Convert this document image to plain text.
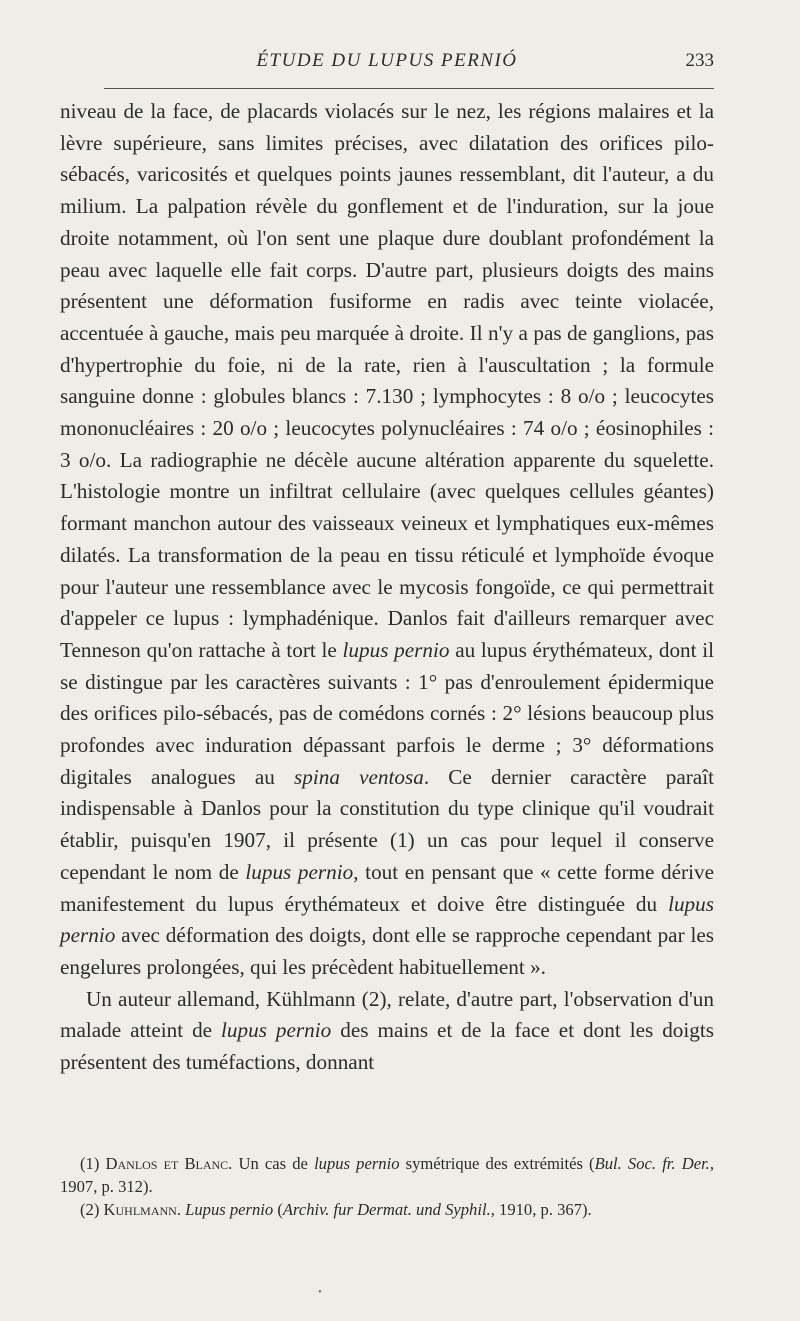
ÉTUDE DU LUPUS PERNIÓ	233

niveau de la face, de placards violacés sur le nez, les régions malaires et la lèvre supérieure, sans limites précises, avec dilatation des orifices pilo-sébacés, varicosités et quelques points jaunes ressemblant, dit l'auteur, a du milium. La palpation révèle du gonflement et de l'induration, sur la joue droite notamment, où l'on sent une plaque dure doublant profondément la peau avec laquelle elle fait corps. D'autre part, plusieurs doigts des mains présentent une déformation fusiforme en radis avec teinte violacée, accentuée à gauche, mais peu marquée à droite. Il n'y a pas de ganglions, pas d'hypertrophie du foie, ni de la rate, rien à l'auscultation ; la formule sanguine donne : globules blancs : 7.130 ; lymphocytes : 8 o/o ; leucocytes mononucléaires : 20 o/o ; leucocytes polynucléaires : 74 o/o ; éosinophiles : 3 o/o. La radiographie ne décèle aucune altération apparente du squelette. L'histologie montre un infiltrat cellulaire (avec quelques cellules géantes) formant manchon autour des vaisseaux veineux et lymphatiques eux-mêmes dilatés. La transformation de la peau en tissu réticulé et lymphoïde évoque pour l'auteur une ressemblance avec le mycosis fongoïde, ce qui permettrait d'appeler ce lupus : lymphadénique. Danlos fait d'ailleurs remarquer avec Tenneson qu'on rattache à tort le lupus pernio au lupus érythémateux, dont il se distingue par les caractères suivants : 1° pas d'enroulement épidermique des orifices pilo-sébacés, pas de comédons cornés : 2° lésions beaucoup plus profondes avec induration dépassant parfois le derme ; 3° déformations digitales analogues au spina ventosa. Ce dernier caractère paraît indispensable à Danlos pour la constitution du type clinique qu'il voudrait établir, puisqu'en 1907, il présente (1) un cas pour lequel il conserve cependant le nom de lupus pernio, tout en pensant que « cette forme dérive manifestement du lupus érythémateux et doive être distinguée du lupus pernio avec déformation des doigts, dont elle se rapproche cependant par les engelures prolongées, qui les précèdent habituellement ».

Un auteur allemand, Kühlmann (2), relate, d'autre part, l'observation d'un malade atteint de lupus pernio des mains et de la face et dont les doigts présentent des tuméfactions, donnant

(1) Danlos et Blanc. Un cas de lupus pernio symétrique des extrémités (Bul. Soc. fr. Der., 1907, p. 312).

(2) Kuhlmann. Lupus pernio (Archiv. fur Dermat. und Syphil., 1910, p. 367).

•
